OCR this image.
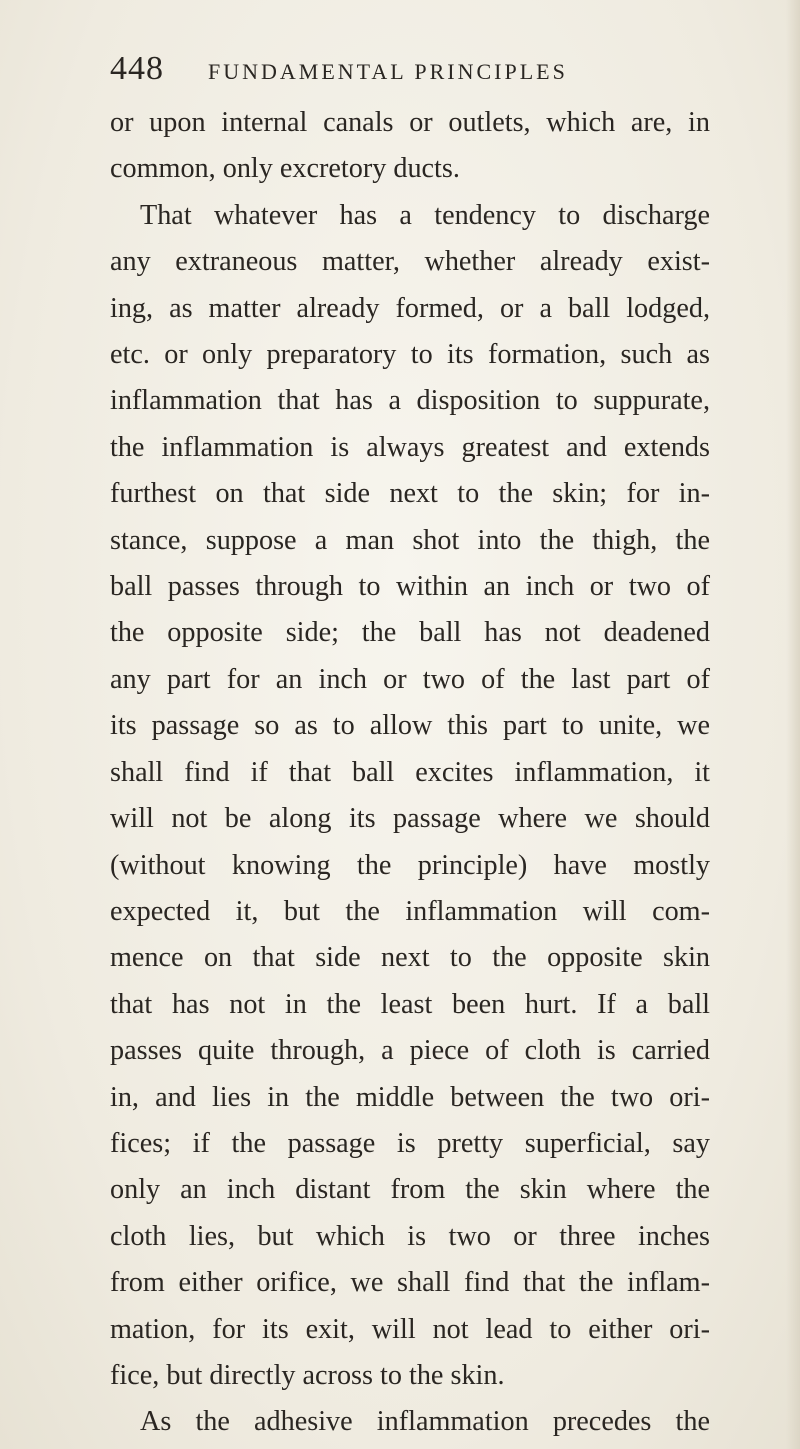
448	FUNDAMENTAL PRINCIPLES
or upon internal canals or outlets, which are, in
common, only excretory ducts.
That whatever has a tendency to discharge
any extraneous matter, whether already exist-
ing, as matter already formed, or a ball lodged,
etc. or only preparatory to its formation, such as
inflammation that has a disposition to suppurate,
the inflammation is always greatest and extends
furthest on that side next to the skin; for in-
stance, suppose a man shot into the thigh, the
ball passes through to within an inch or two of
the opposite side; the ball has not deadened
any part for an inch or two of the last part of
its passage so as to allow this part to unite, we
shall find if that ball excites inflammation, it
will not be along its passage where we should
(without knowing the principle) have mostly
expected it, but the inflammation will com-
mence on that side next to the opposite skin
that has not in the least been hurt. If a ball
passes quite through, a piece of cloth is carried
in, and lies in the middle between the two ori-
fices; if the passage is pretty superficial, say
only an inch distant from the skin where the
cloth lies, but which is two or three inches
from either orifice, we shall find that the inflam-
mation, for its exit, will not lead to either ori-
fice, but directly across to the skin.
As the adhesive inflammation precedes the
